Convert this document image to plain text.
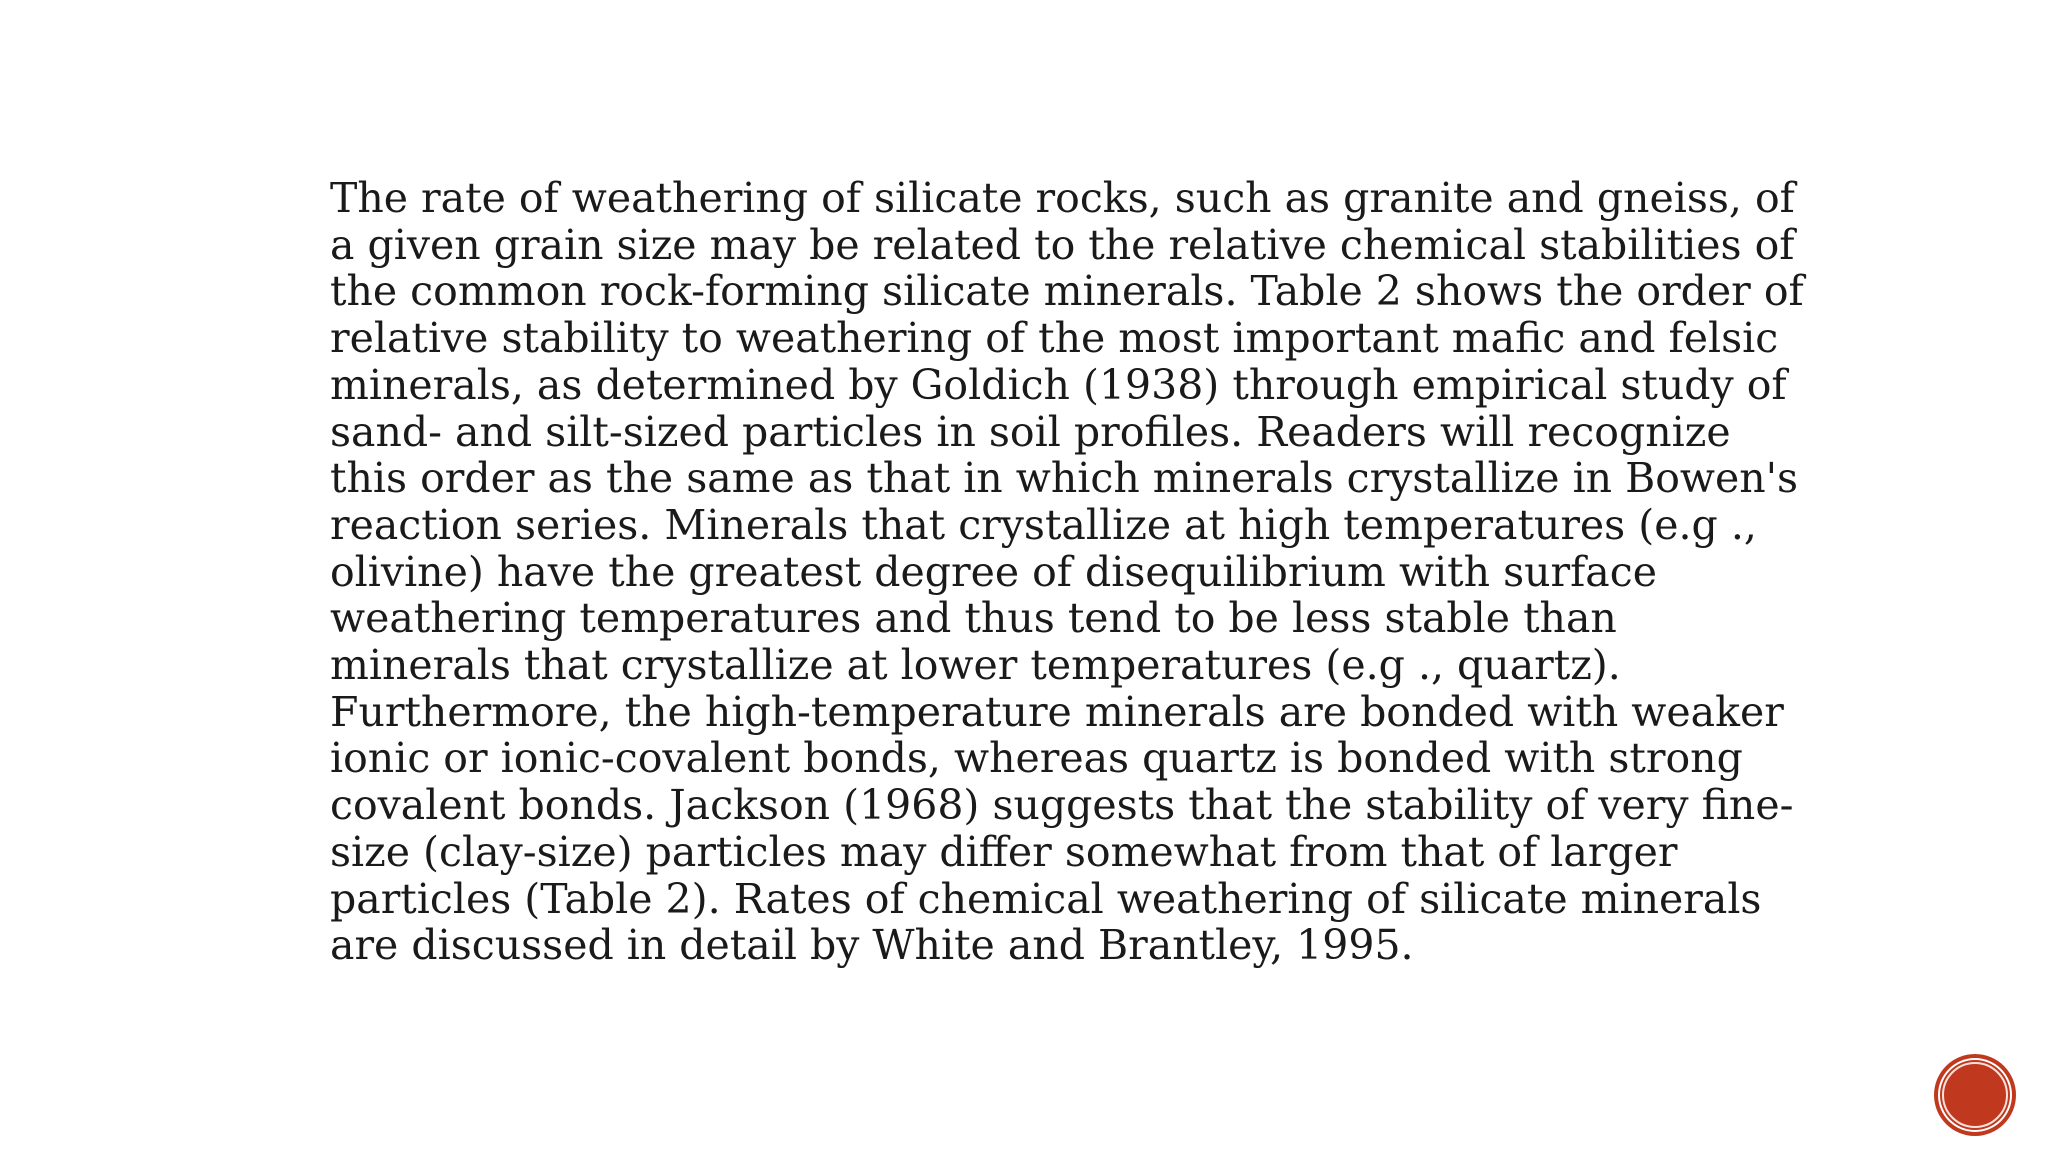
The rate of weathering of silicate rocks, such as granite and gneiss, of
a given grain size may be related to the relative chemical stabilities of
the common rock-forming silicate minerals. Table 2 shows the order of
relative stability to weathering of the most important mafic and felsic
minerals, as determined by Goldich (1938) through empirical study of
sand- and silt-sized particles in soil profiles. Readers will recognize
this order as the same as that in which minerals crystallize in Bowen's
reaction series. Minerals that crystallize at high temperatures (e.g .,
olivine) have the greatest degree of disequilibrium with surface
weathering temperatures and thus tend to be less stable than
minerals that crystallize at lower temperatures (e.g ., quartz).
Furthermore, the high-temperature minerals are bonded with weaker
ionic or ionic-covalent bonds, whereas quartz is bonded with strong
covalent bonds. Jackson (1968) suggests that the stability of very fine-
size (clay-size) particles may differ somewhat from that of larger
particles (Table 2). Rates of chemical weathering of silicate minerals
are discussed in detail by White and Brantley, 1995.
